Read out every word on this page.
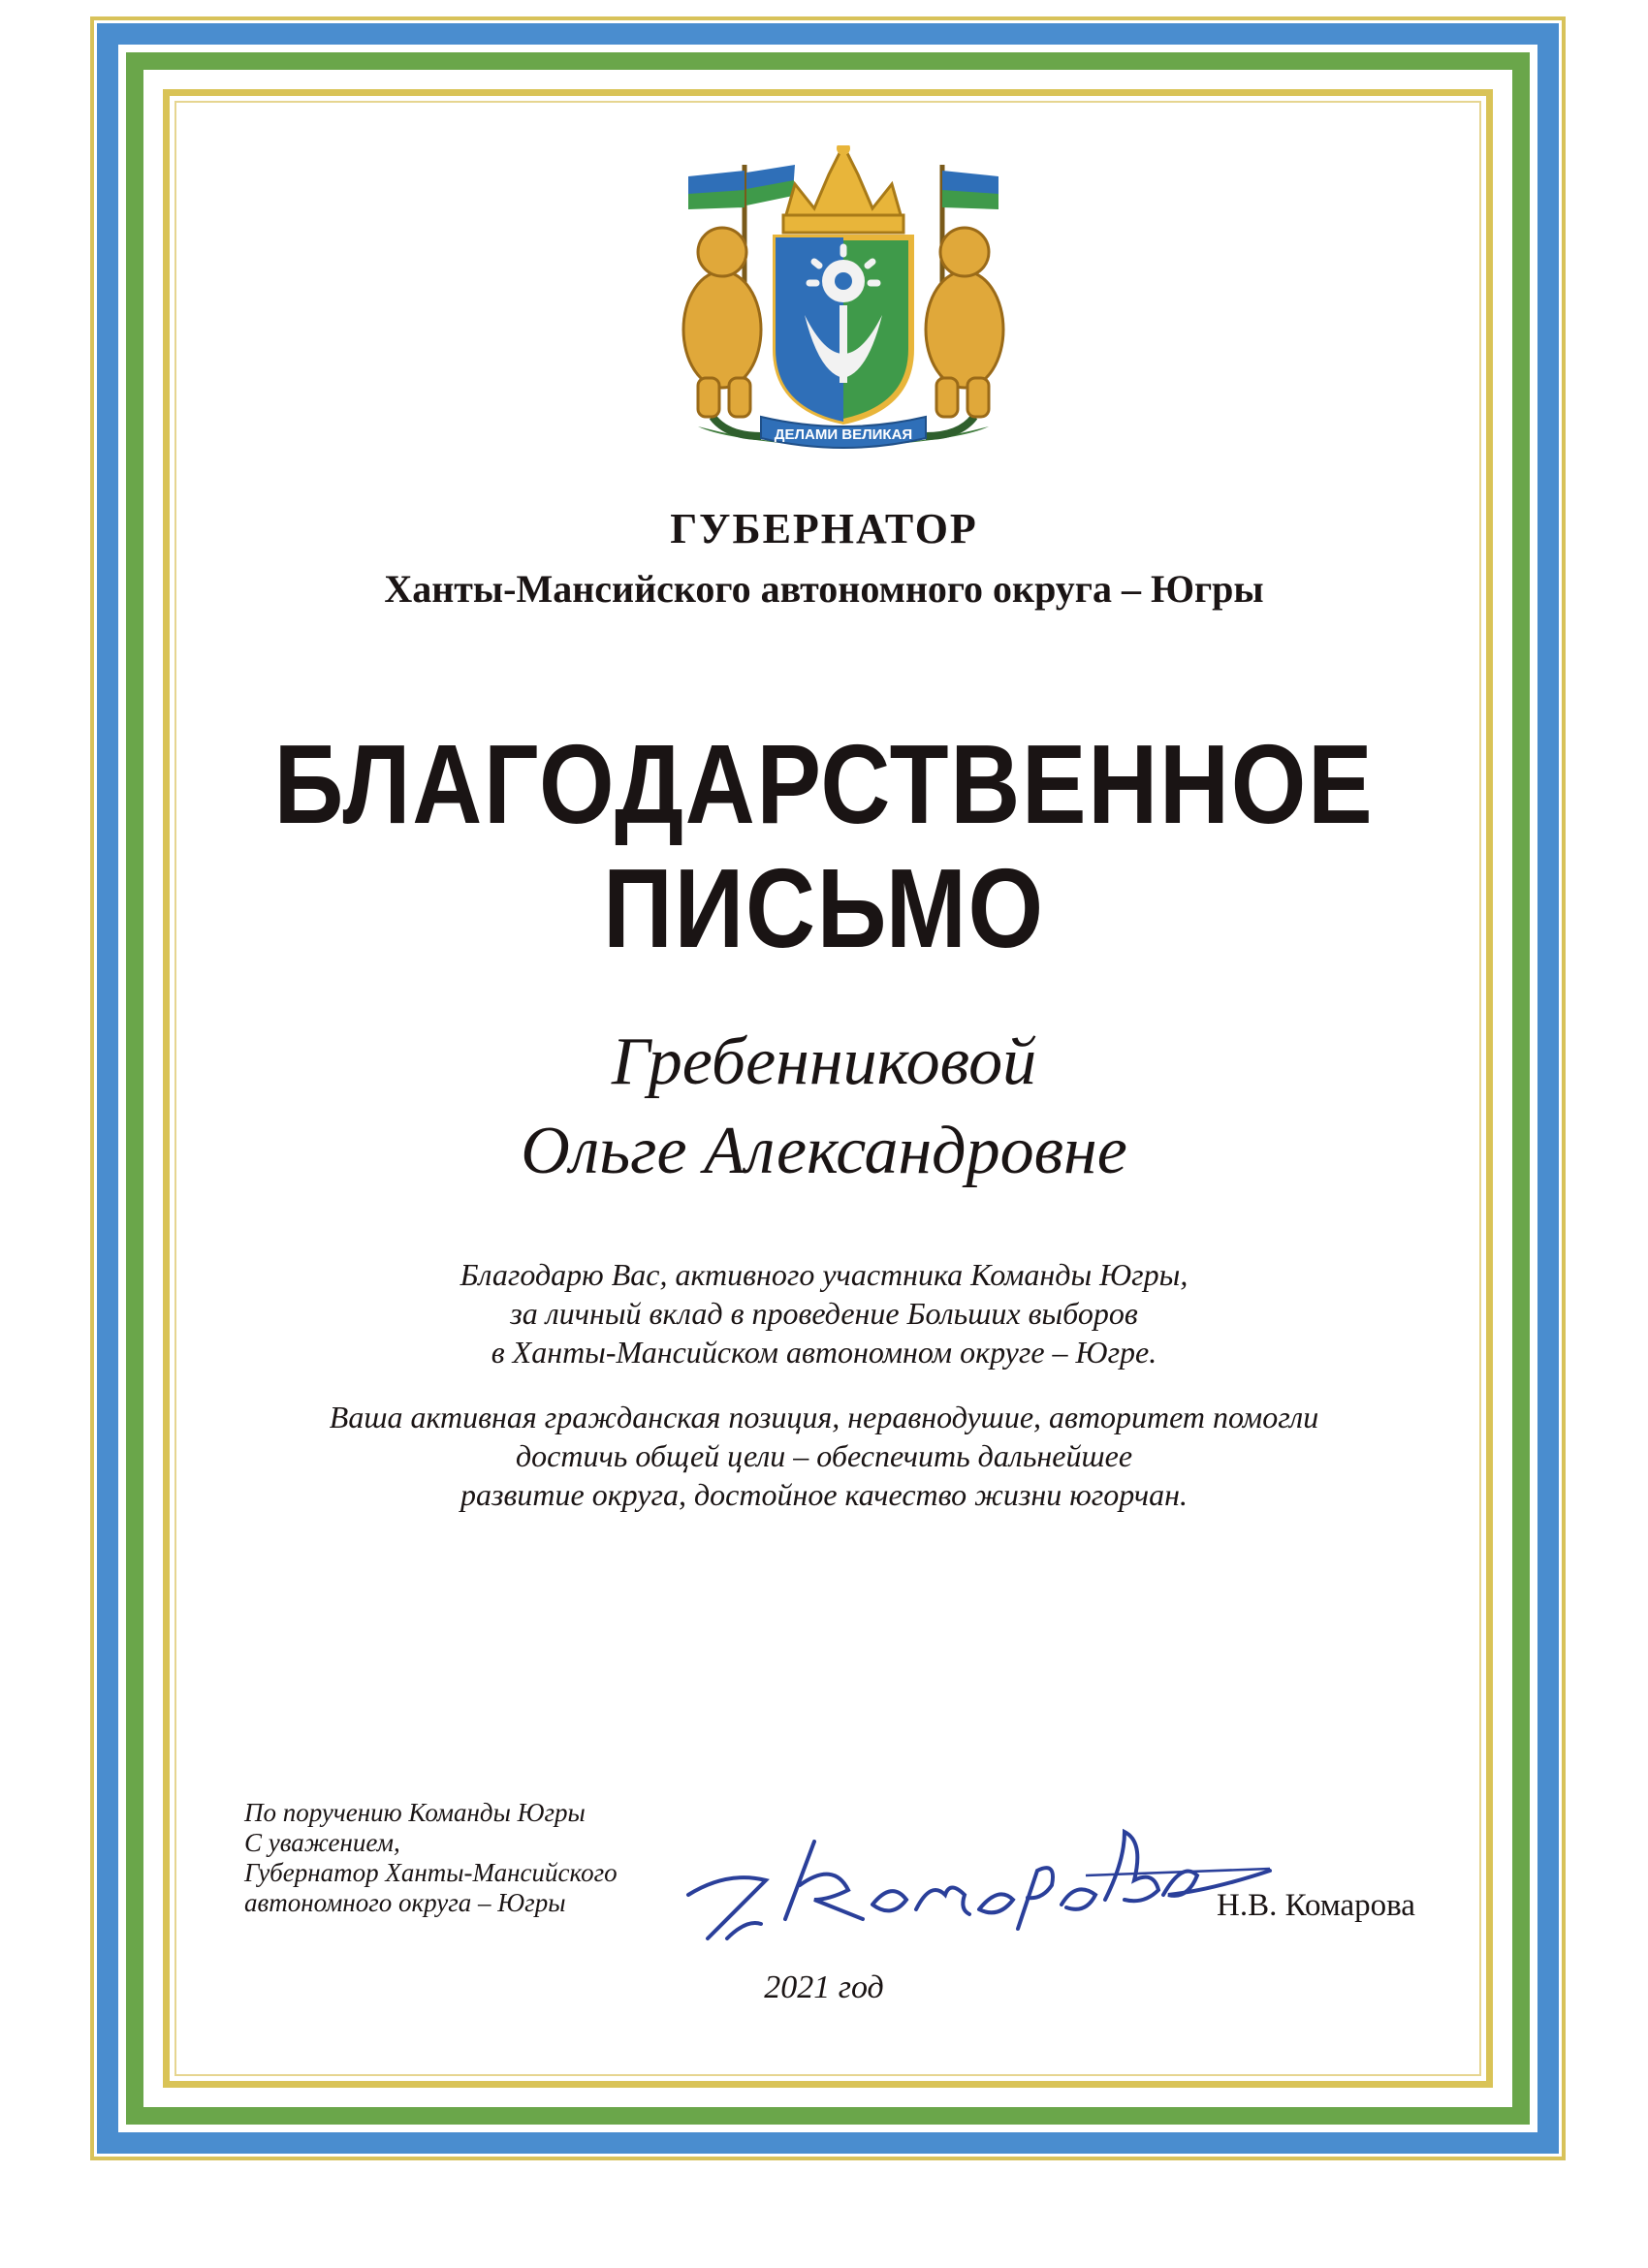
ДЕЛАМИ ВЕЛИКАЯ
ГУБЕРНАТОР
Ханты-Мансийского автономного округа – Югры
БЛАГОДАРСТВЕННОЕ
ПИСЬМО
Гребенниковой
Ольге Александровне
Благодарю Вас, активного участника Команды Югры,
за личный вклад в проведение Больших выборов
в Ханты-Мансийском автономном округе – Югре.
Ваша активная гражданская позиция, неравнодушие, авторитет помогли
достичь общей цели – обеспечить дальнейшее
развитие округа, достойное качество жизни югорчан.
По поручению Команды Югры
С уважением,
Губернатор Ханты-Мансийского
автономного округа – Югры	Н.В. Комарова
2021 год
